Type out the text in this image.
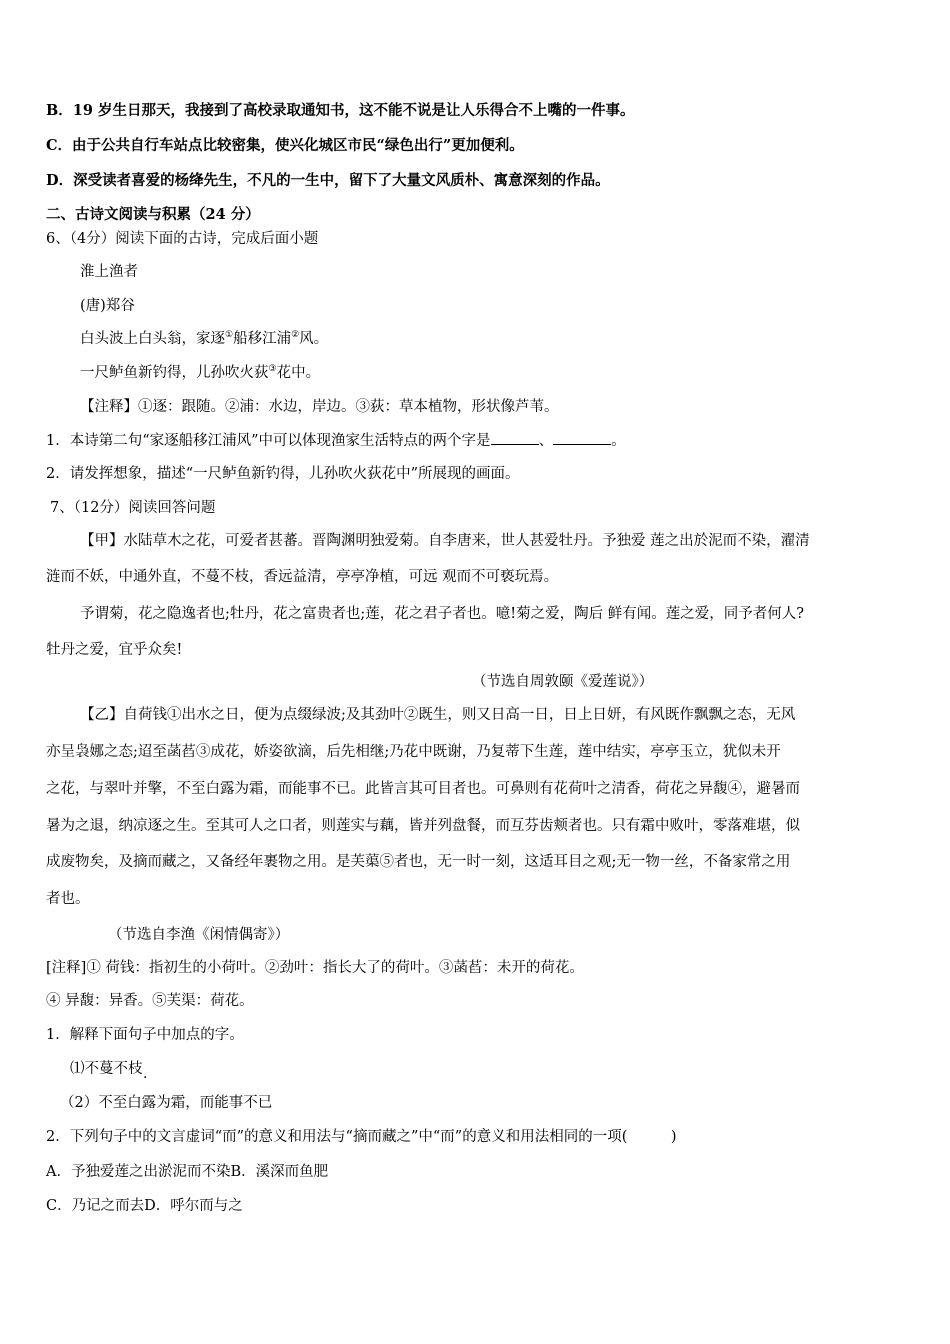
B．19 岁生日那天，我接到了高校录取通知书，这不能不说是让人乐得合不上嘴的一件事。
C．由于公共自行车站点比较密集，使兴化城区市民“绿色出行”更加便利。
D．深受读者喜爱的杨绛先生，不凡的一生中，留下了大量文风质朴、寓意深刻的作品。
二、古诗文阅读与积累（24 分）
6、（4分）阅读下面的古诗，完成后面小题
淮上渔者
(唐)郑谷
白头波上白头翁，家逐①船移江浦②风。
一尺鲈鱼新钓得，儿孙吹火荻③花中。
【注释】①逐：跟随。②浦：水边，岸边。③荻：草本植物，形状像芦苇。
1．本诗第二句“家逐船移江浦风”中可以体现渔家生活特点的两个字是	、	。
2．请发挥想象，描述“一尺鲈鱼新钓得，儿孙吹火荻花中”所展现的画面。
7、（12分）阅读回答问题
【甲】水陆草木之花，可爱者甚蕃。晋陶渊明独爱菊。自李唐来，世人甚爱牡丹。予独爱 莲之出於泥而不染，濯清
涟而不妖，中通外直，不蔓不枝，香远益清，亭亭净植，可远 观而不可亵玩焉。
予谓菊，花之隐逸者也;牡丹，花之富贵者也;莲，花之君子者也。噫!菊之爱，陶后 鲜有闻。莲之爱，同予者何人?
牡丹之爱，宜乎众矣!
（节选自周敦颐《爱莲说》）
【乙】自荷钱①出水之日，便为点缀绿波;及其劲叶②既生，则又日高一日，日上日妍，有风既作飘飘之态，无风
亦呈袅娜之态;迢至菡萏③成花，娇姿欲滴，后先相继;乃花中既谢，乃复蒂下生莲，莲中结实，亭亭玉立，犹似未开
之花，与翠叶并擎，不至白露为霜，而能事不已。此皆言其可目者也。可鼻则有花荷叶之清香，荷花之异馥④，避暑而
暑为之退，纳凉逐之生。至其可人之口者，则莲实与藕，皆并列盘餐，而互芬齿颊者也。只有霜中败叶，零落难堪，似
成废物矣，及摘而藏之，又备经年裹物之用。是芙蕖⑤者也，无一时一刻，这适耳目之观;无一物一丝，不备家常之用
者也。
（节选自李渔《闲情偶寄》）
[注释]① 荷钱：指初生的小荷叶。②劲叶：指长大了的荷叶。③菡萏：未开的荷花。
④ 异馥：异香。⑤芙渠：荷花。
1．解释下面句子中加点的字。
⑴不蔓不枝 .
（2）不至白露为霜，而能事不已
2．下列句子中的文言虚词“而”的意义和用法与“摘而藏之”中“而”的意义和用法相同的一项(　　　)
A．予独爱莲之出淤泥而不染B．溪深而鱼肥
C．乃记之而去D．呼尔而与之
